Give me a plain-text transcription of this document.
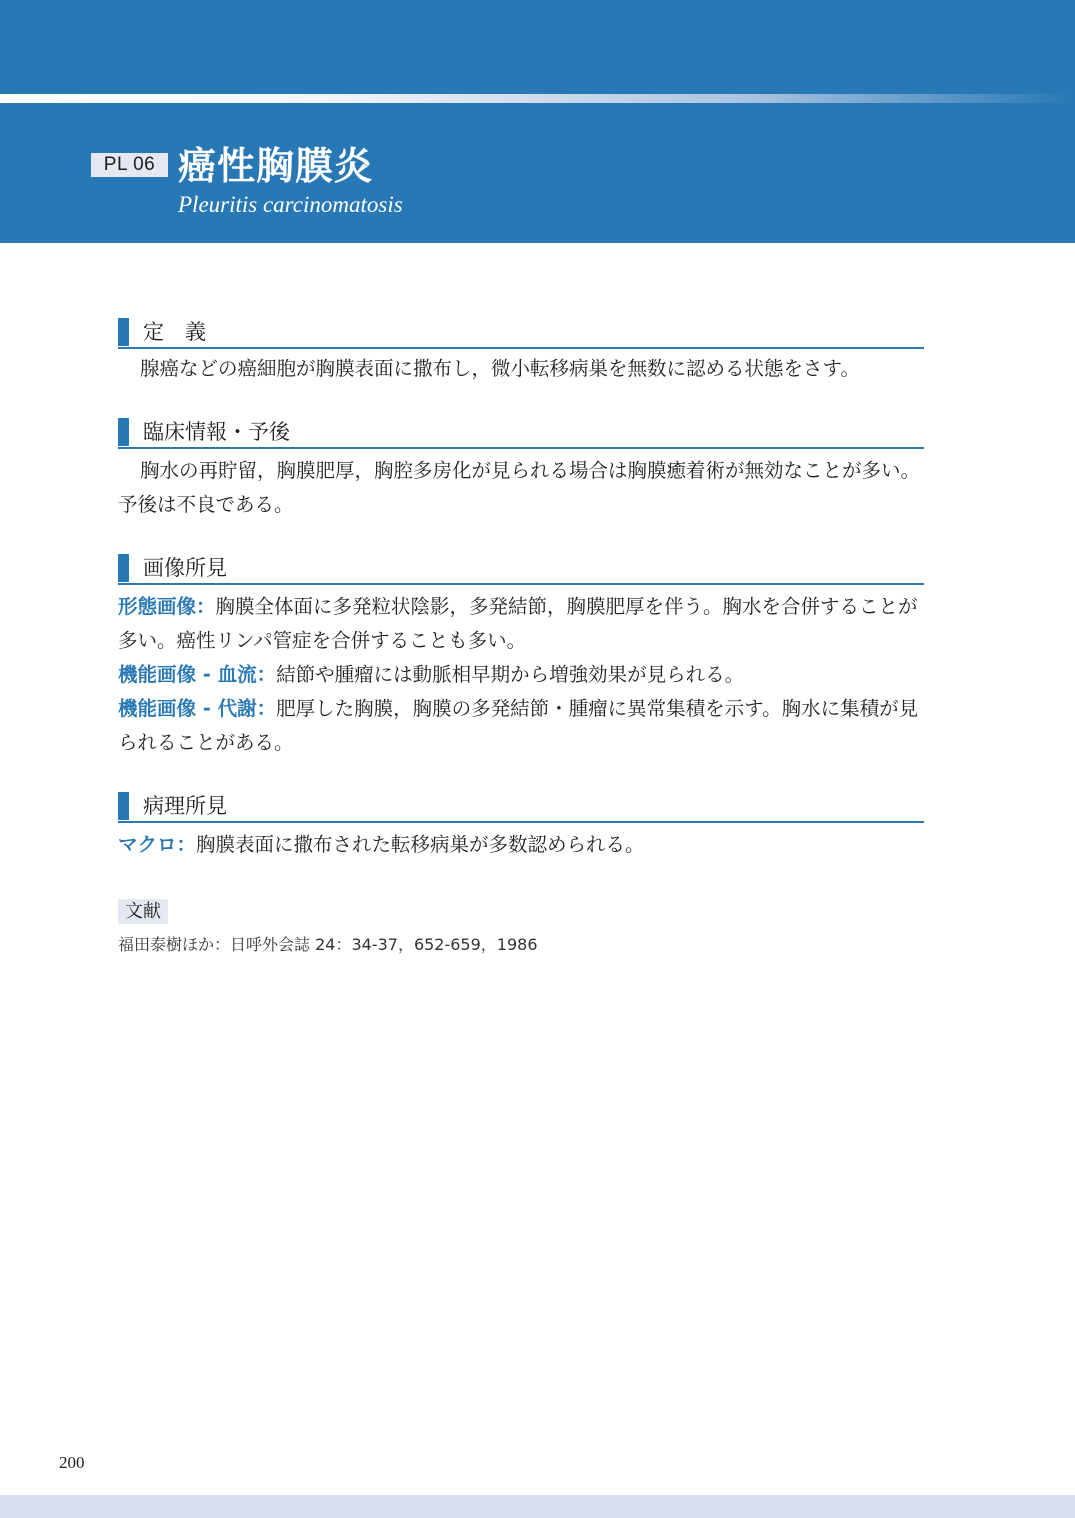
PL 06 癌性胸膜炎
Pleuritis carcinomatosis
定　義
腺癌などの癌細胞が胸膜表面に撒布し，微小転移病巣を無数に認める状態をさす。
臨床情報・予後
胸水の再貯留，胸膜肥厚，胸腔多房化が見られる場合は胸膜癒着術が無効なことが多い。予後は不良である。
画像所見
形態画像：胸膜全体面に多発粒状陰影，多発結節，胸膜肥厚を伴う。胸水を合併することが多い。癌性リンパ管症を合併することも多い。
機能画像 - 血流：結節や腫瘤には動脈相早期から増強効果が見られる。
機能画像 - 代謝：肥厚した胸膜，胸膜の多発結節・腫瘤に異常集積を示す。胸水に集積が見られることがある。
病理所見
マクロ：胸膜表面に撒布された転移病巣が多数認められる。
文献
福田泰樹ほか：日呼外会誌 24：34-37，652-659，1986
200
